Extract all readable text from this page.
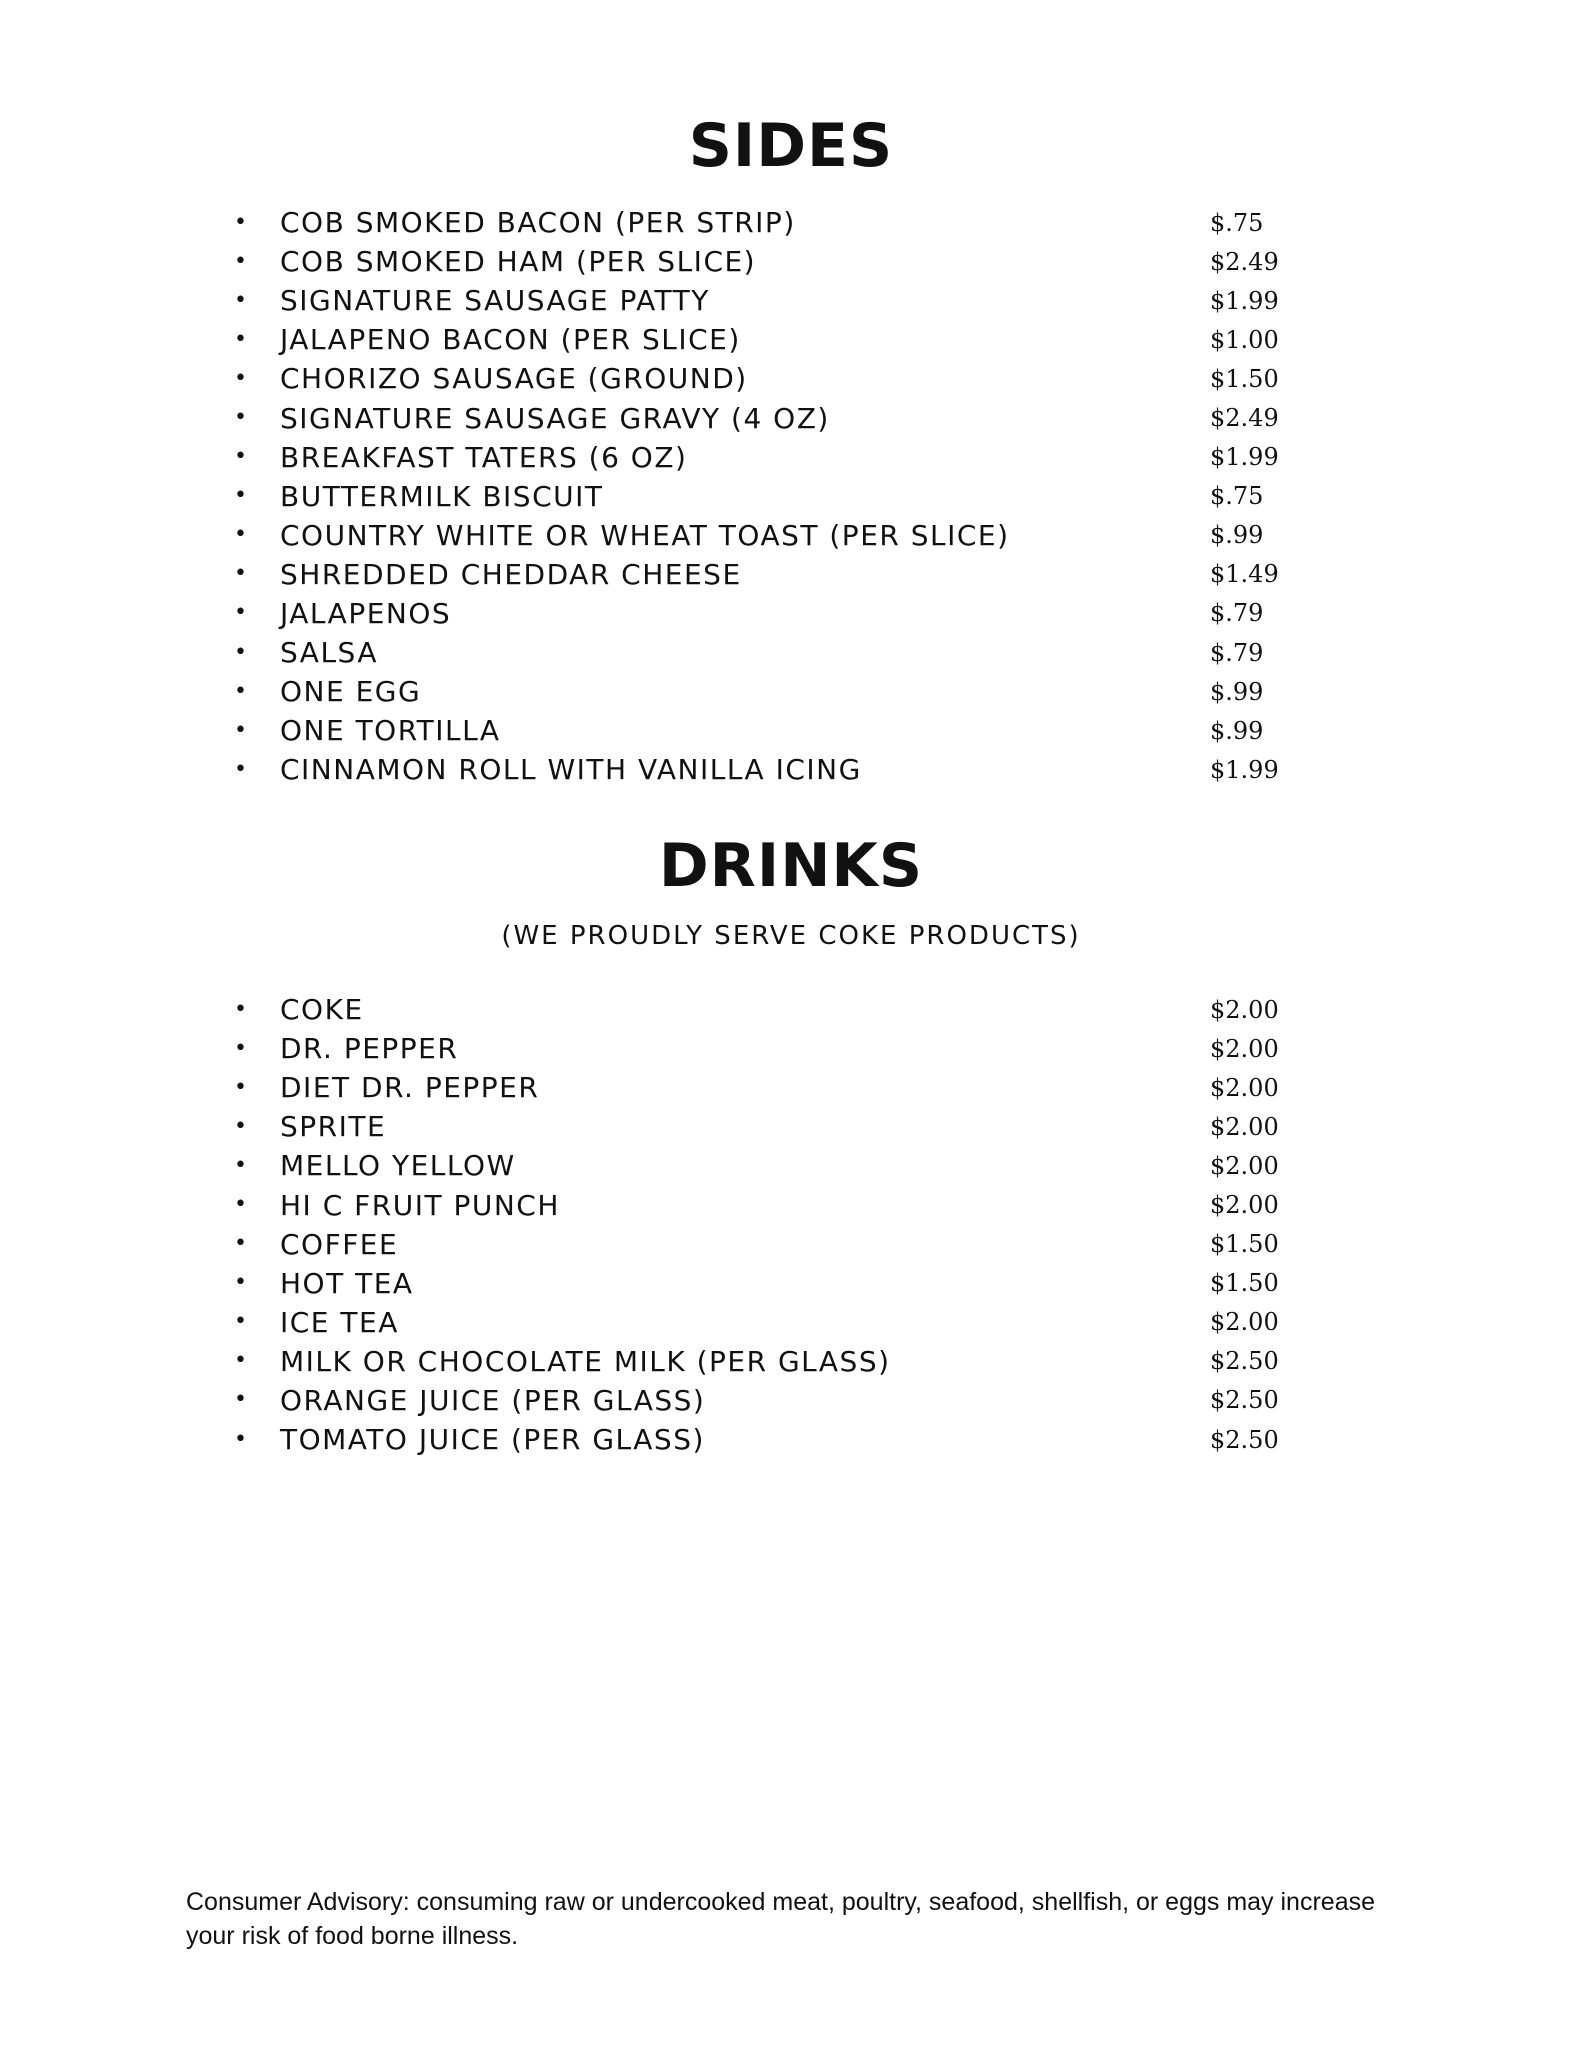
SIDES
•	COB SMOKED BACON (PER STRIP)	$.75
•	COB SMOKED HAM (PER SLICE)	$2.49
•	SIGNATURE SAUSAGE PATTY	$1.99
•	JALAPENO BACON (PER SLICE)	$1.00
•	CHORIZO SAUSAGE (GROUND)	$1.50
•	SIGNATURE SAUSAGE GRAVY (4 OZ)	$2.49
•	BREAKFAST TATERS (6 OZ)	$1.99
•	BUTTERMILK BISCUIT	$.75
•	COUNTRY WHITE OR WHEAT TOAST (PER SLICE)	$.99
•	SHREDDED CHEDDAR CHEESE	$1.49
•	JALAPENOS	$.79
•	SALSA	$.79
•	ONE EGG	$.99
•	ONE TORTILLA	$.99
•	CINNAMON ROLL WITH VANILLA ICING	$1.99
DRINKS

(WE PROUDLY SERVE COKE PRODUCTS)

•	COKE	$2.00
•	DR. PEPPER	$2.00
•	DIET DR. PEPPER	$2.00
•	SPRITE	$2.00
•	MELLO YELLOW	$2.00
•	HI C FRUIT PUNCH	$2.00
•	COFFEE	$1.50
•	HOT TEA	$1.50
•	ICE TEA	$2.00
•	MILK OR CHOCOLATE MILK (PER GLASS)	$2.50
•	ORANGE JUICE (PER GLASS)	$2.50
•	TOMATO JUICE (PER GLASS)	$2.50

Consumer Advisory: consuming raw or undercooked meat, poultry, seafood, shellfish, or eggs may increase your risk of food borne illness.
